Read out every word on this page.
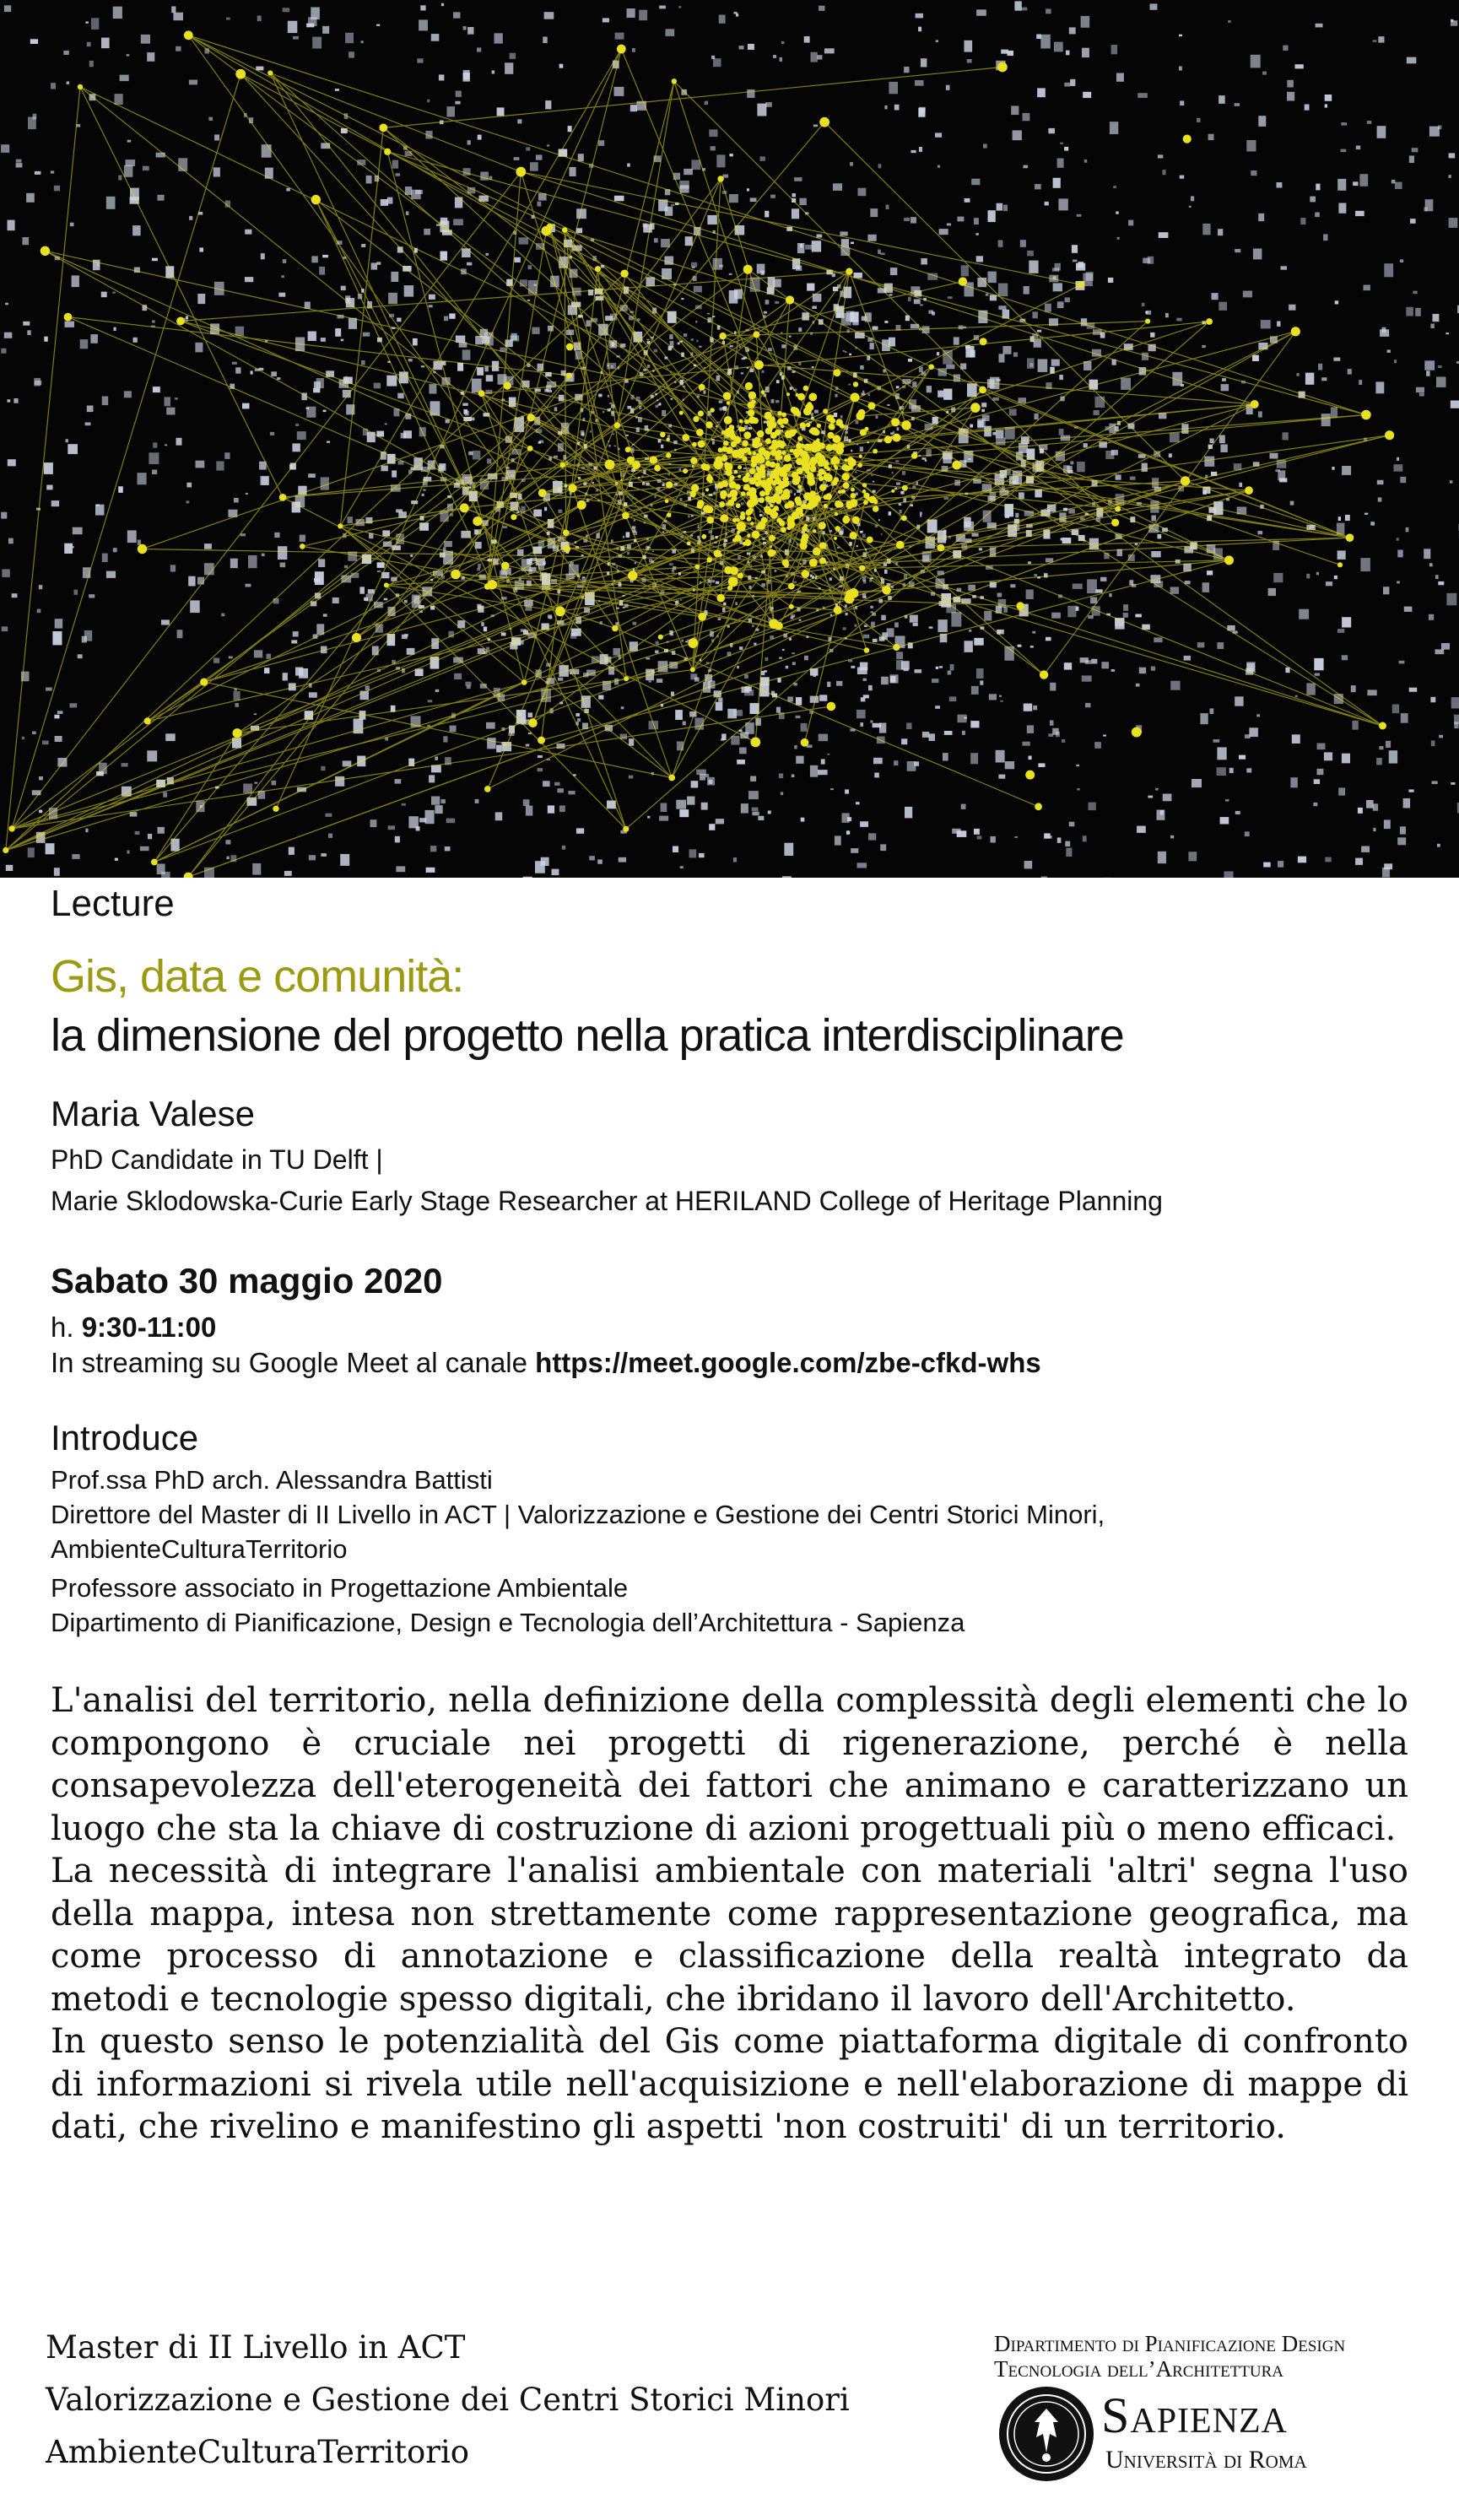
Lecture

Gis, data e comunità:
la dimensione del progetto nella pratica interdisciplinare

Maria Valese

PhD Candidate in TU Delft |

Marie Sklodowska-Curie Early Stage Researcher at HERILAND College of Heritage Planning

Sabato 30 maggio 2020

h. 9:30-11:00

In streaming su Google Meet al canale https://meet.google.com/zbe-cfkd-whs

Introduce

Prof.ssa PhD arch. Alessandra Battisti

Direttore del Master di II Livello in ACT | Valorizzazione e Gestione dei Centri Storici Minori,

AmbienteCulturaTerritorio

Professore associato in Progettazione Ambientale

Dipartimento di Pianificazione, Design e Tecnologia dell’Architettura - Sapienza

L'analisi del territorio, nella definizione della complessità degli elementi che lo compongono è cruciale nei progetti di rigenerazione, perché è nella consapevolezza dell'eterogeneità dei fattori che animano e caratterizzano un luogo che sta la chiave di costruzione di azioni progettuali più o meno efficaci.

La necessità di integrare l'analisi ambientale con materiali 'altri' segna l'uso della mappa, intesa non strettamente come rappresentazione geografica, ma come processo di annotazione e classificazione della realtà integrato da metodi e tecnologie spesso digitali, che ibridano il lavoro dell'Architetto.

In questo senso le potenzialità del Gis come piattaforma digitale di confronto di informazioni si rivela utile nell'acquisizione e nell'elaborazione di mappe di dati, che rivelino e manifestino gli aspetti 'non costruiti' di un territorio.

Master di II Livello in ACT

Valorizzazione e Gestione dei Centri Storici Minori

AmbienteCulturaTerritorio

Dipartimento di Pianificazione Design

Tecnologia dell’Architettura

Sapienza

Università di Roma
